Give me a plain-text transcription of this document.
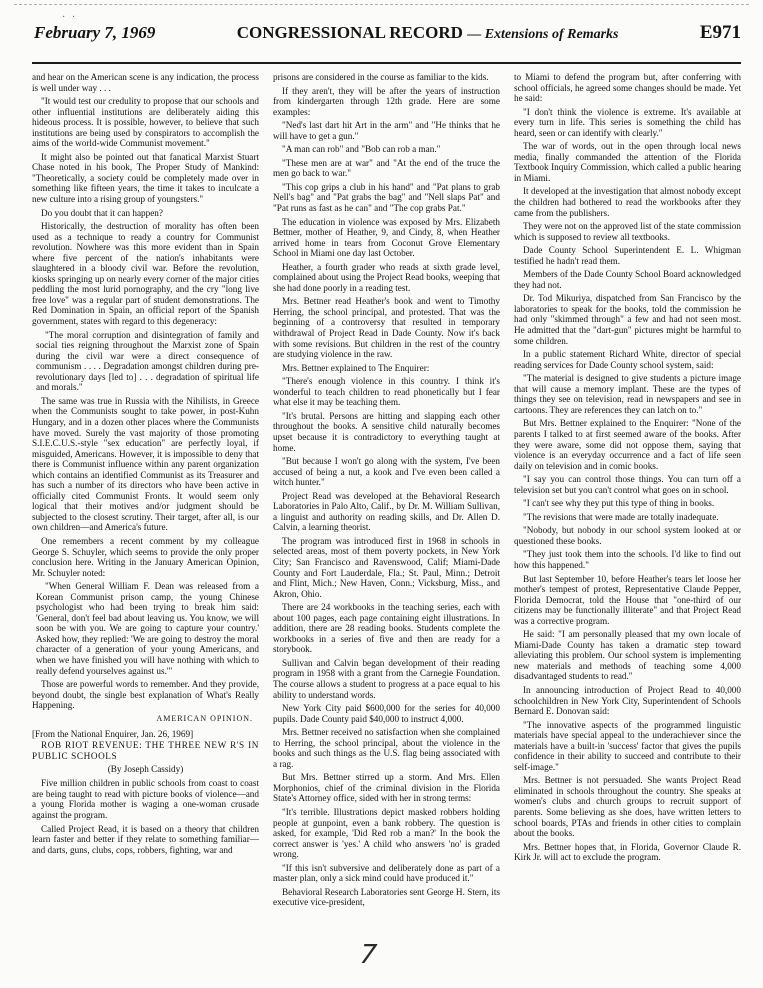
· ·
February 7, 1969	CONGRESSIONAL RECORD — Extensions of Remarks	E971

and hear on the American scene is any indication, the process is well under way . . .

"It would test our credulity to propose that our schools and other influential institutions are deliberately aiding this hideous process. It is possible, however, to believe that such institutions are being used by conspirators to accomplish the aims of the world-wide Communist movement."

It might also be pointed out that fanatical Marxist Stuart Chase noted in his book, The Proper Study of Mankind: "Theoretically, a society could be completely made over in something like fifteen years, the time it takes to inculcate a new culture into a rising group of youngsters."

Do you doubt that it can happen?

Historically, the destruction of morality has often been used as a technique to ready a country for Communist revolution. Nowhere was this more evident than in Spain where five percent of the nation's inhabitants were slaughtered in a bloody civil war. Before the revolution, kiosks springing up on nearly every corner of the major cities peddling the most lurid pornography, and the cry "long live free love" was a regular part of student demonstrations. The Red Domination in Spain, an official report of the Spanish government, states with regard to this degeneracy:

"The moral corruption and disintegration of family and social ties reigning throughout the Marxist zone of Spain during the civil war were a direct consequence of communism . . . . Degradation amongst children during pre-revolutionary days [led to] . . . degradation of spiritual life and morals."

The same was true in Russia with the Nihilists, in Greece when the Communists sought to take power, in post-Kuhn Hungary, and in a dozen other places where the Communists have moved. Surely the vast majority of those promoting S.I.E.C.U.S.-style "sex education" are perfectly loyal, if misguided, Americans. However, it is impossible to deny that there is Communist influence within any parent organization which contains an identified Communist as its Treasurer and has such a number of its directors who have been active in officially cited Communist Fronts. It would seem only logical that their motives and/or judgment should be subjected to the closest scrutiny. Their target, after all, is our own children—and America's future.

One remembers a recent comment by my colleague George S. Schuyler, which seems to provide the only proper conclusion here. Writing in the January American Opinion, Mr. Schuyler noted:

"When General William F. Dean was released from a Korean Communist prison camp, the young Chinese psychologist who had been trying to break him said: 'General, don't feel bad about leaving us. You know, we will soon be with you. We are going to capture your country.' Asked how, they replied: 'We are going to destroy the moral character of a generation of your young Americans, and when we have finished you will have nothing with which to really defend yourselves against us.'"

Those are powerful words to remember. And they provide, beyond doubt, the single best explanation of What's Really Happening.

AMERICAN OPINION.
[From the National Enquirer, Jan. 26, 1969]

ROB RIOT REVENUE: THE THREE NEW R'S IN PUBLIC SCHOOLS

(By Joseph Cassidy)

Five million children in public schools from coast to coast are being taught to read with picture books of violence—and a young Florida mother is waging a one-woman crusade against the program.

Called Project Read, it is based on a theory that children learn faster and better if they relate to something familiar—and darts, guns, clubs, cops, robbers, fighting, war and

prisons are considered in the course as familiar to the kids.

If they aren't, they will be after the years of instruction from kindergarten through 12th grade. Here are some examples:

"Ned's last dart hit Art in the arm" and "He thinks that he will have to get a gun."

"A man can rob" and "Bob can rob a man."

"These men are at war" and "At the end of the truce the men go back to war."

"This cop grips a club in his hand" and "Pat plans to grab Nell's bag" and "Pat grabs the bag" and "Nell slaps Pat" and "Pat runs as fast as he can" and "The cop grabs Pat."

The education in violence was exposed by Mrs. Elizabeth Bettner, mother of Heather, 9, and Cindy, 8, when Heather arrived home in tears from Coconut Grove Elementary School in Miami one day last October.

Heather, a fourth grader who reads at sixth grade level, complained about using the Project Read books, weeping that she had done poorly in a reading test.

Mrs. Bettner read Heather's book and went to Timothy Herring, the school principal, and protested. That was the beginning of a controversy that resulted in temporary withdrawal of Project Read in Dade County. Now it's back with some revisions. But children in the rest of the country are studying violence in the raw.

Mrs. Bettner explained to The Enquirer:

"There's enough violence in this country. I think it's wonderful to teach children to read phonetically but I fear what else it may be teaching them.

"It's brutal. Persons are hitting and slapping each other throughout the books. A sensitive child naturally becomes upset because it is contradictory to everything taught at home.

"But because I won't go along with the system, I've been accused of being a nut, a kook and I've even been called a witch hunter."

Project Read was developed at the Behavioral Research Laboratories in Palo Alto, Calif., by Dr. M. William Sullivan, a linguist and authority on reading skills, and Dr. Allen D. Calvin, a learning theorist.

The program was introduced first in 1968 in schools in selected areas, most of them poverty pockets, in New York City; San Francisco and Ravenswood, Calif; Miami-Dade County and Fort Lauderdale, Fla.; St. Paul, Minn.; Detroit and Flint, Mich.; New Haven, Conn.; Vicksburg, Miss., and Akron, Ohio.

There are 24 workbooks in the teaching series, each with about 100 pages, each page containing eight illustrations. In addition, there are 28 reading books. Students complete the workbooks in a series of five and then are ready for a storybook.

Sullivan and Calvin began development of their reading program in 1958 with a grant from the Carnegie Foundation. The course allows a student to progress at a pace equal to his ability to understand words.

New York City paid $600,000 for the series for 40,000 pupils. Dade County paid $40,000 to instruct 4,000.

Mrs. Bettner received no satisfaction when she complained to Herring, the school principal, about the violence in the books and such things as the U.S. flag being associated with a rag.

But Mrs. Bettner stirred up a storm. And Mrs. Ellen Morphonios, chief of the criminal division in the Florida State's Attorney office, sided with her in strong terms:

"It's terrible. Illustrations depict masked robbers holding people at gunpoint, even a bank robbery. The question is asked, for example, 'Did Red rob a man?' In the book the correct answer is 'yes.' A child who answers 'no' is graded wrong.

"If this isn't subversive and deliberately done as part of a master plan, only a sick mind could have produced it."

Behavioral Research Laboratories sent George H. Stern, its executive vice-president,

to Miami to defend the program but, after conferring with school officials, he agreed some changes should be made. Yet he said:

"I don't think the violence is extreme. It's available at every turn in life. This series is something the child has heard, seen or can identify with clearly."

The war of words, out in the open through local news media, finally commanded the attention of the Florida Textbook Inquiry Commission, which called a public hearing in Miami.

It developed at the investigation that almost nobody except the children had bothered to read the workbooks after they came from the publishers.

They were not on the approved list of the state commission which is supposed to review all textbooks.

Dade County School Superintendent E. L. Whigman testified he hadn't read them.

Members of the Dade County School Board acknowledged they had not.

Dr. Tod Mikuriya, dispatched from San Francisco by the laboratories to speak for the books, told the commission he had only "skimmed through" a few and had not seen most. He admitted that the "dart-gun" pictures might be harmful to some children.

In a public statement Richard White, director of special reading services for Dade County school system, said:

"The material is designed to give students a picture image that will cause a memory implant. These are the types of things they see on television, read in newspapers and see in cartoons. They are references they can latch on to."

But Mrs. Bettner explained to the Enquirer: "None of the parents I talked to at first seemed aware of the books. After they were aware, some did not oppose them, saying that violence is an everyday occurrence and a fact of life seen daily on television and in comic books.

"I say you can control those things. You can turn off a television set but you can't control what goes on in school.

"I can't see why they put this type of thing in books.

"The revisions that were made are totally inadequate.

"Nobody, but nobody in our school system looked at or questioned these books.

"They just took them into the schools. I'd like to find out how this happened."

But last September 10, before Heather's tears let loose her mother's tempest of protest, Representative Claude Pepper, Florida Democrat, told the House that "one-third of our citizens may be functionally illiterate" and that Project Read was a corrective program.

He said: "I am personally pleased that my own locale of Miami-Dade County has taken a dramatic step toward alleviating this problem. Our school system is implementing new materials and methods of teaching some 4,000 disadvantaged students to read."

In announcing introduction of Project Read to 40,000 schoolchildren in New York City, Superintendent of Schools Bernard E. Donovan said:

"The innovative aspects of the programmed linguistic materials have special appeal to the underachiever since the materials have a built-in 'success' factor that gives the pupils confidence in their ability to succeed and contribute to their self-image."

Mrs. Bettner is not persuaded. She wants Project Read eliminated in schools throughout the country. She speaks at women's clubs and church groups to recruit support of parents. Some believing as she does, have written letters to school boards, PTAs and friends in other cities to complain about the books.

Mrs. Bettner hopes that, in Florida, Governor Claude R. Kirk Jr. will act to exclude the program.

7
